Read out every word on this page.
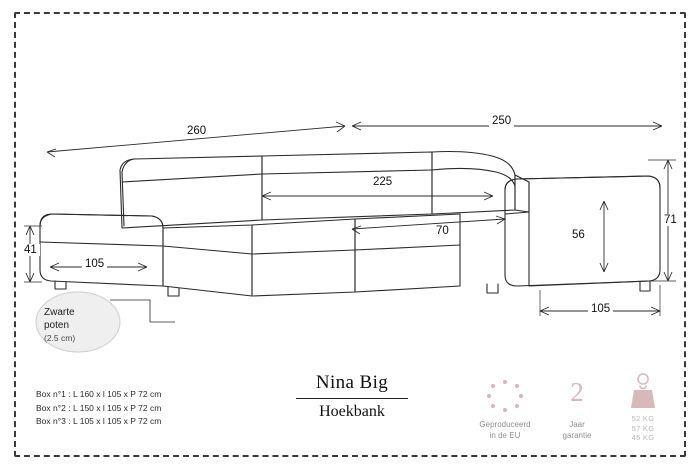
260
250
225
70
41
105
56
71
105
Zwarte
poten
(2.5 cm)
Box n°1 : L 160 x l 105 x P 72 cm
Box n°2 : L 150 x l 105 x P 72 cm
Box n°3 : L 105 x l 105 x P 72 cm
Nina Big
Hoekbank
Geproduceerd
in de EU
2
Jaar
garantie
52 KG
57 KG
45 KG
